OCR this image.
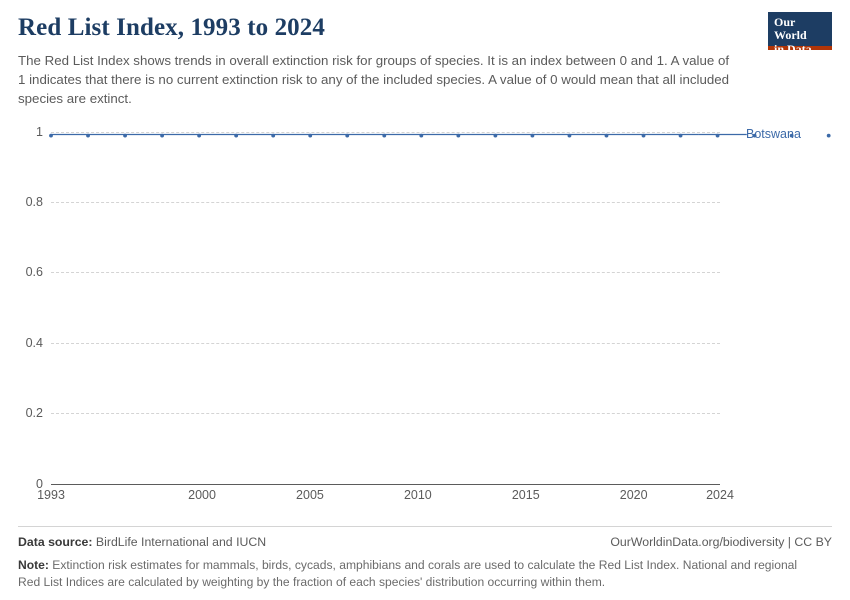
Red List Index, 1993 to 2024

The Red List Index shows trends in overall extinction risk for groups of species. It is an index between 0 and 1. A value of 1 indicates that there is no current extinction risk to any of the included species. A value of 0 would mean that all included species are extinct.

Our World
in Data
0
0.2
0.4
0.6
0.8
1	Botswana
1993	2000	2005	2010	2015	2020	2024
Data source: BirdLife International and IUCN	OurWorldinData.org/biodiversity | CC BY
Note: Extinction risk estimates for mammals, birds, cycads, amphibians and corals are used to calculate the Red List Index. National and regional Red List Indices are calculated by weighting by the fraction of each species' distribution occurring within them.
